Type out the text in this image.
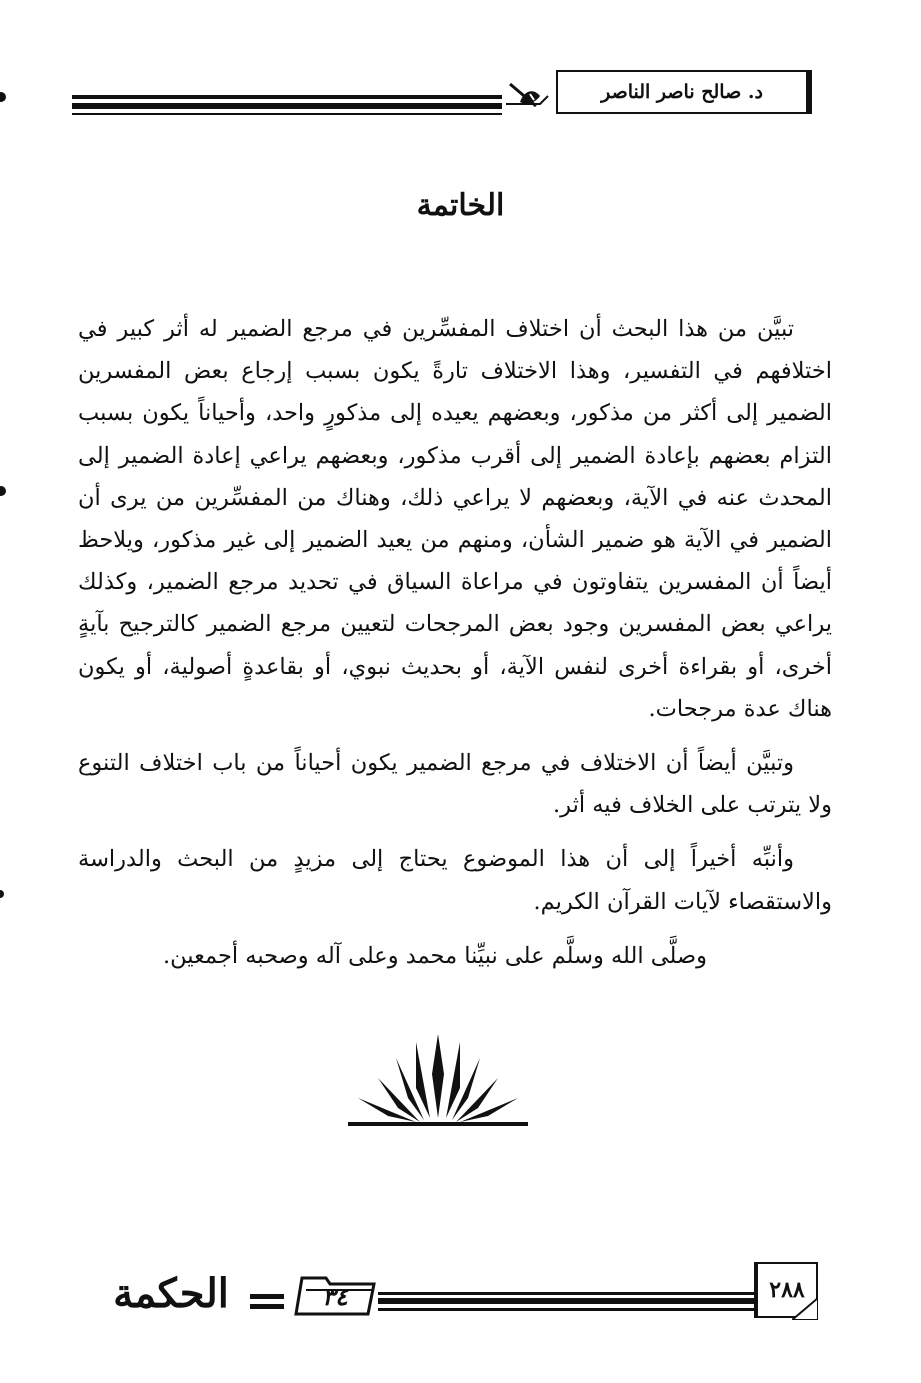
د. صالح ناصر الناصر
الخاتمة

تبيَّن من هذا البحث أن اختلاف المفسِّرين في مرجع الضمير له أثر كبير في اختلافهم في التفسير، وهذا الاختلاف تارةً يكون بسبب إرجاع بعض المفسرين الضمير إلى أكثر من مذكور، وبعضهم يعيده إلى مذكورٍ واحد، وأحياناً يكون بسبب التزام بعضهم بإعادة الضمير إلى أقرب مذكور، وبعضهم يراعي إعادة الضمير إلى المحدث عنه في الآية، وبعضهم لا يراعي ذلك، وهناك من المفسِّرين من يرى أن الضمير في الآية هو ضمير الشأن، ومنهم من يعيد الضمير إلى غير مذكور، ويلاحظ أيضاً أن المفسرين يتفاوتون في مراعاة السياق في تحديد مرجع الضمير، وكذلك يراعي بعض المفسرين وجود بعض المرجحات لتعيين مرجع الضمير كالترجيح بآيةٍ أخرى، أو بقراءة أخرى لنفس الآية، أو بحديث نبوي، أو بقاعدةٍ أصولية، أو يكون هناك عدة مرجحات.

وتبيَّن أيضاً أن الاختلاف في مرجع الضمير يكون أحياناً من باب اختلاف التنوع ولا يترتب على الخلاف فيه أثر.

وأنبِّه أخيراً إلى أن هذا الموضوع يحتاج إلى مزيدٍ من البحث والدراسة والاستقصاء لآيات القرآن الكريم.

وصلَّى الله وسلَّم على نبيِّنا محمد وعلى آله وصحبه أجمعين.

٢٨٨
٣٤
الحكمة
